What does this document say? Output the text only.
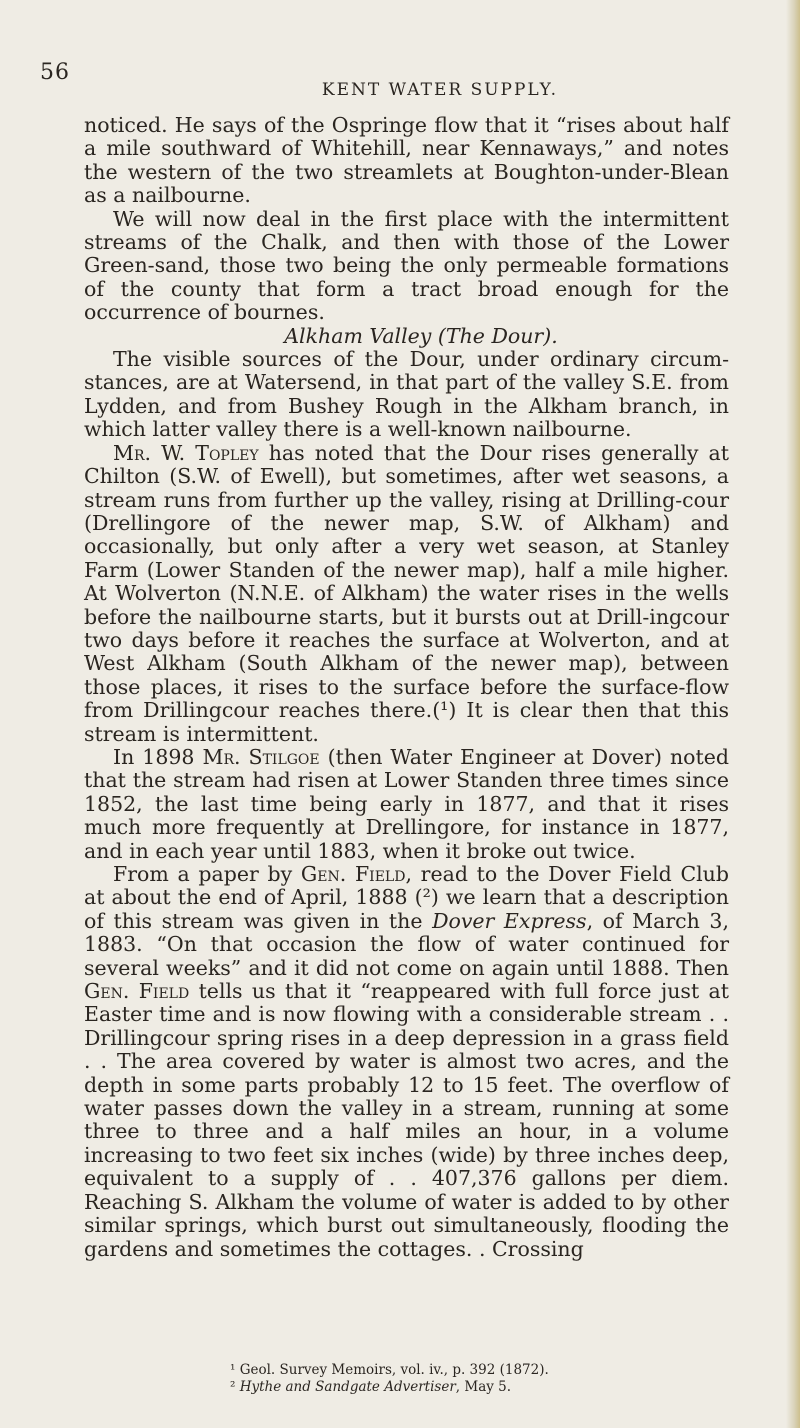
56
KENT WATER SUPPLY.

noticed. He says of the Ospringe flow that it “rises about half a mile southward of Whitehill, near Kennaways,” and notes the western of the two streamlets at Boughton-under-Blean as a nailbourne.

We will now deal in the first place with the intermittent streams of the Chalk, and then with those of the Lower Green-sand, those two being the only permeable formations of the county that form a tract broad enough for the occurrence of bournes.

Alkham Valley (The Dour).

The visible sources of the Dour, under ordinary circum-stances, are at Watersend, in that part of the valley S.E. from Lydden, and from Bushey Rough in the Alkham branch, in which latter valley there is a well-known nailbourne.

Mr. W. Topley has noted that the Dour rises generally at Chilton (S.W. of Ewell), but sometimes, after wet seasons, a stream runs from further up the valley, rising at Drilling-cour (Drellingore of the newer map, S.W. of Alkham) and occasionally, but only after a very wet season, at Stanley Farm (Lower Standen of the newer map), half a mile higher. At Wolverton (N.N.E. of Alkham) the water rises in the wells before the nailbourne starts, but it bursts out at Drill-ingcour two days before it reaches the surface at Wolverton, and at West Alkham (South Alkham of the newer map), between those places, it rises to the surface before the surface-flow from Drillingcour reaches there.(¹) It is clear then that this stream is intermittent.

In 1898 Mr. Stilgoe (then Water Engineer at Dover) noted that the stream had risen at Lower Standen three times since 1852, the last time being early in 1877, and that it rises much more frequently at Drellingore, for instance in 1877, and in each year until 1883, when it broke out twice.

From a paper by Gen. Field, read to the Dover Field Club at about the end of April, 1888 (²) we learn that a description of this stream was given in the Dover Express, of March 3, 1883. “On that occasion the flow of water continued for several weeks” and it did not come on again until 1888. Then Gen. Field tells us that it “reappeared with full force just at Easter time and is now flowing with a considerable stream . . Drillingcour spring rises in a deep depression in a grass field . . The area covered by water is almost two acres, and the depth in some parts probably 12 to 15 feet. The overflow of water passes down the valley in a stream, running at some three to three and a half miles an hour, in a volume increasing to two feet six inches (wide) by three inches deep, equivalent to a supply of . . 407,376 gallons per diem. Reaching S. Alkham the volume of water is added to by other similar springs, which burst out simultaneously, flooding the gardens and sometimes the cottages. . Crossing

¹ Geol. Survey Memoirs, vol. iv., p. 392 (1872).
² Hythe and Sandgate Advertiser, May 5.
